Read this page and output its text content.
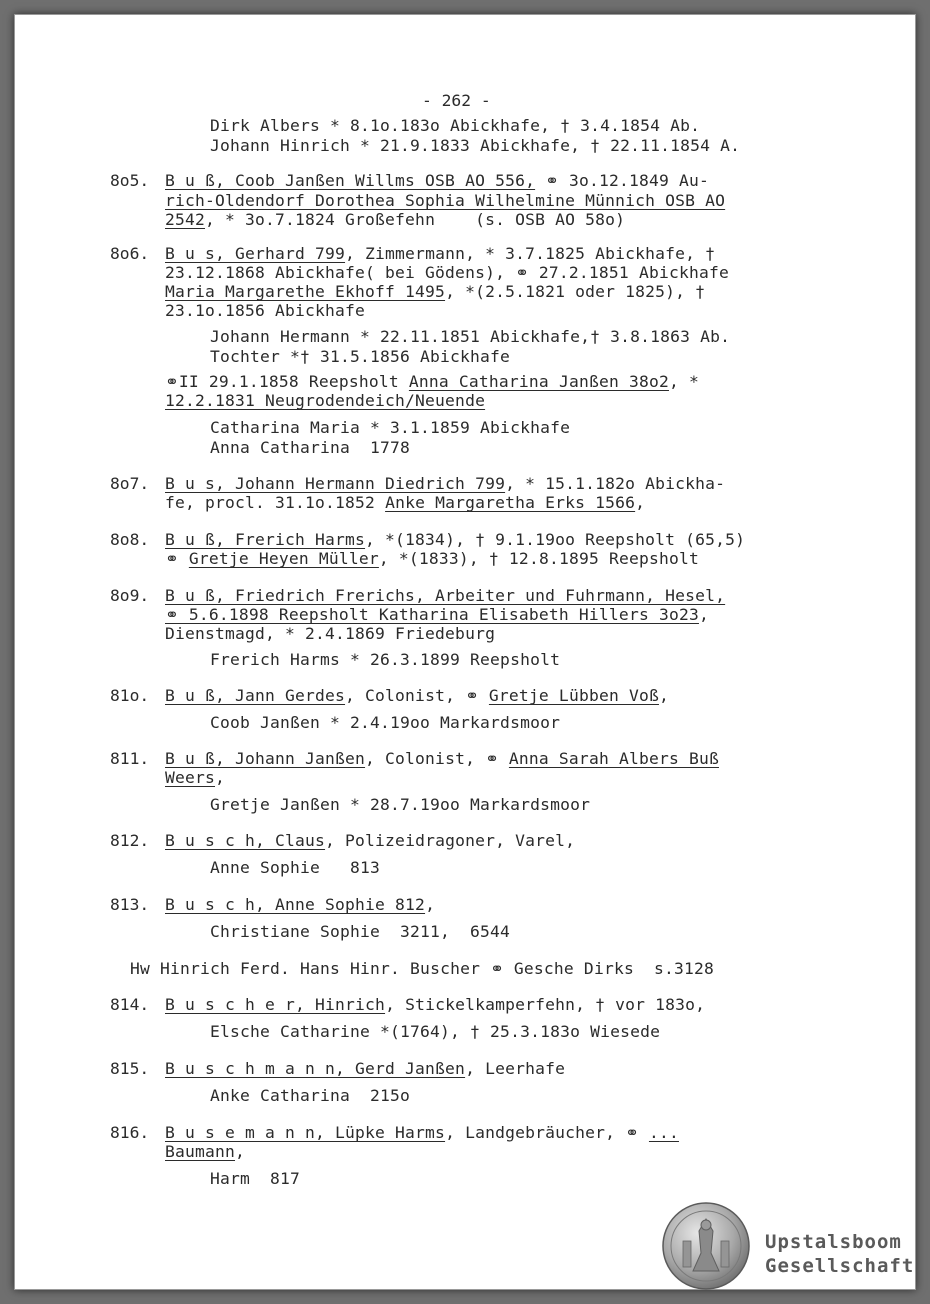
- 262 -
Dirk Albers * 8.1o.183o Abickhafe, † 3.4.1854 Ab.
Johann Hinrich * 21.9.1833 Abickhafe, † 22.11.1854 A.
8o5. B u ß, Coob Janßen Willms OSB AO 556, ⚭ 3o.12.1849 Au-
rich-Oldendorf Dorothea Sophia Wilhelmine Münnich OSB AO
2542, * 3o.7.1824 Großefehn    (s. OSB AO 58o)
8o6. B u s, Gerhard 799, Zimmermann, * 3.7.1825 Abickhafe, †
23.12.1868 Abickhafe( bei Gödens), ⚭ 27.2.1851 Abickhafe
Maria Margarethe Ekhoff 1495, *(2.5.1821 oder 1825), †
23.1o.1856 Abickhafe
Johann Hermann * 22.11.1851 Abickhafe,† 3.8.1863 Ab.
Tochter *† 31.5.1856 Abickhafe
⚭II 29.1.1858 Reepsholt Anna Catharina Janßen 38o2, *
12.2.1831 Neugrodendeich/Neuende
Catharina Maria * 3.1.1859 Abickhafe
Anna Catharina  1778
8o7. B u s, Johann Hermann Diedrich 799, * 15.1.182o Abickha-
fe, procl. 31.1o.1852 Anke Margaretha Erks 1566,
8o8. B u ß, Frerich Harms, *(1834), † 9.1.19oo Reepsholt (65,5)
⚭ Gretje Heyen Müller, *(1833), † 12.8.1895 Reepsholt
8o9. B u ß, Friedrich Frerichs, Arbeiter und Fuhrmann, Hesel,
⚭ 5.6.1898 Reepsholt Katharina Elisabeth Hillers 3o23,
Dienstmagd, * 2.4.1869 Friedeburg
Frerich Harms * 26.3.1899 Reepsholt
81o. B u ß, Jann Gerdes, Colonist, ⚭ Gretje Lübben Voß,
Coob Janßen * 2.4.19oo Markardsmoor
811. B u ß, Johann Janßen, Colonist, ⚭ Anna Sarah Albers Buß
Weers,
Gretje Janßen * 28.7.19oo Markardsmoor
812. B u s c h, Claus, Polizeidragoner, Varel,
Anne Sophie   813
813. B u s c h, Anne Sophie 812,
Christiane Sophie  3211,  6544
Hw Hinrich Ferd. Hans Hinr. Buscher ⚭ Gesche Dirks  s.3128
814. B u s c h e r, Hinrich, Stickelkamperfehn, † vor 183o,
Elsche Catharine *(1764), † 25.3.183o Wiesede
815. B u s c h m a n n, Gerd Janßen, Leerhafe
Anke Catharina  215o
816. B u s e m a n n, Lüpke Harms, Landgebräucher, ⚭ ...
Baumann,
Harm  817
Upstalsboom
Gesellschaft
